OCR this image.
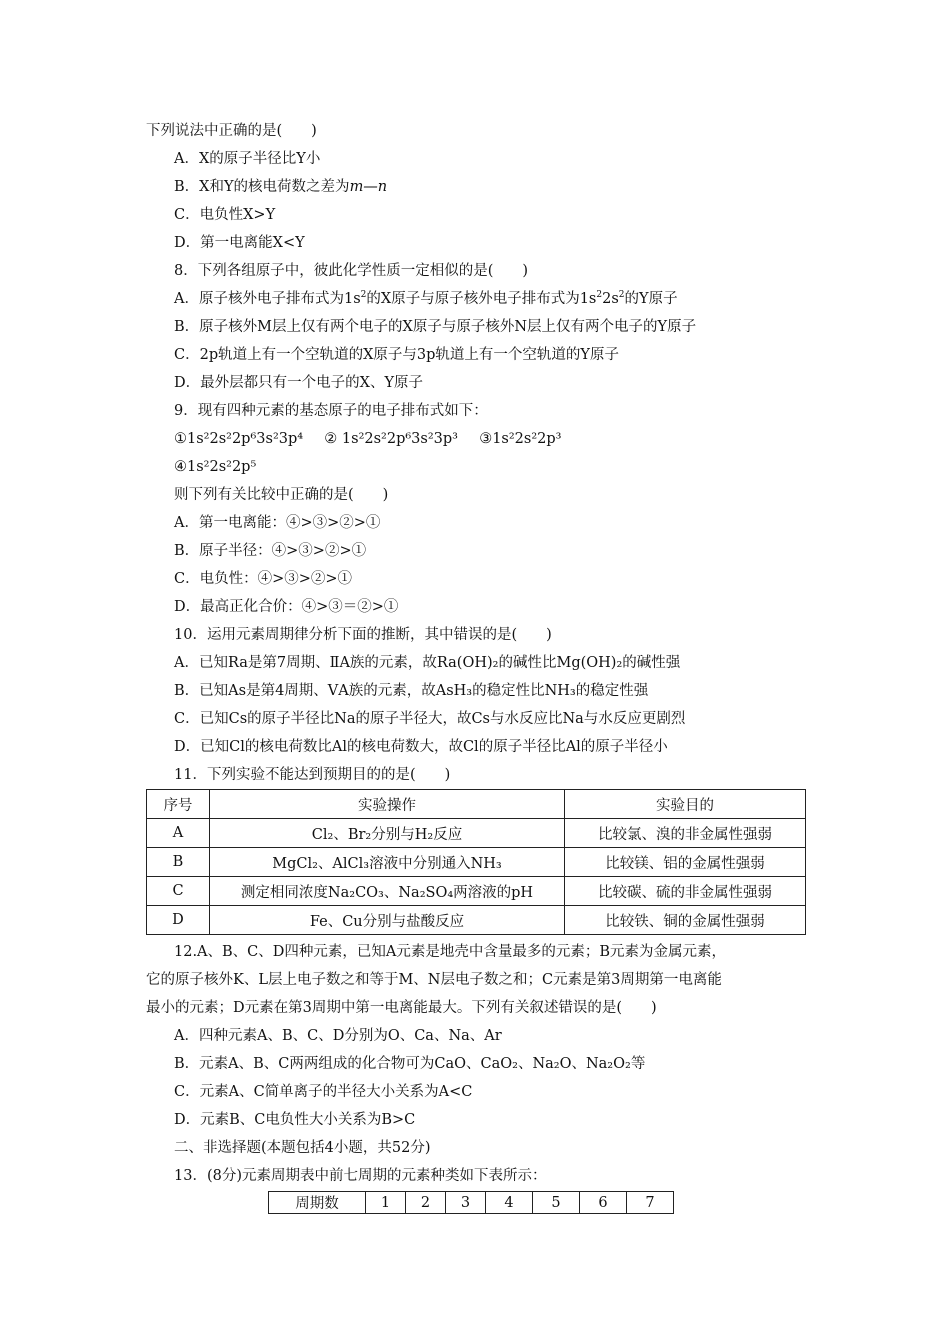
下列说法中正确的是(　　)
A．X的原子半径比Y小
B．X和Y的核电荷数之差为m—n
C．电负性X>Y
D．第一电离能X<Y
8．下列各组原子中，彼此化学性质一定相似的是(　　)
A．原子核外电子排布式为$1s^2$的X原子与原子核外电子排布式为$1s^22s^2$的Y原子
B．原子核外M层上仅有两个电子的X原子与原子核外N层上仅有两个电子的Y原子
C．2p轨道上有一个空轨道的X原子与3p轨道上有一个空轨道的Y原子
D．最外层都只有一个电子的X、Y原子
9．现有四种元素的基态原子的电子排布式如下：
①1s²2s²2p⁶3s²3p⁴ ② 1s²2s²2p⁶3s²3p³ ③1s²2s²2p³
④1s²2s²2p⁵
则下列有关比较中正确的是(　　)
A．第一电离能：④>③>②>①
B．原子半径：④>③>②>①
C．电负性：④>③>②>①
D．最高正化合价：④>③＝②>①
10．运用元素周期律分析下面的推断，其中错误的是(　　)
A．已知Ra是第7周期、ⅡA族的元素，故Ra(OH)₂的碱性比Mg(OH)₂的碱性强
B．已知As是第4周期、ⅤA族的元素，故AsH₃的稳定性比NH₃的稳定性强
C．已知Cs的原子半径比Na的原子半径大，故Cs与水反应比Na与水反应更剧烈
D．已知Cl的核电荷数比Al的核电荷数大，故Cl的原子半径比Al的原子半径小
11．下列实验不能达到预期目的的是(　　)
序号	实验操作	实验目的
A	Cl₂、Br₂分别与H₂反应	比较氯、溴的非金属性强弱
B	MgCl₂、AlCl₃溶液中分别通入NH₃	比较镁、铝的金属性强弱
C	测定相同浓度Na₂CO₃、Na₂SO₄两溶液的pH	比较碳、硫的非金属性强弱
D	Fe、Cu分别与盐酸反应	比较铁、铜的金属性强弱
12.A、B、C、D四种元素，已知A元素是地壳中含量最多的元素；B元素为金属元素，
它的原子核外K、L层上电子数之和等于M、N层电子数之和；C元素是第3周期第一电离能
最小的元素；D元素在第3周期中第一电离能最大。下列有关叙述错误的是(　　)
A．四种元素A、B、C、D分别为O、Ca、Na、Ar
B．元素A、B、C两两组成的化合物可为CaO、CaO₂、Na₂O、Na₂O₂等
C．元素A、C简单离子的半径大小关系为A<C
D．元素B、C电负性大小关系为B>C
二、非选择题(本题包括4小题，共52分)
13．(8分)元素周期表中前七周期的元素种类如下表所示：
周期数	1	2	3	4	5	6	7
